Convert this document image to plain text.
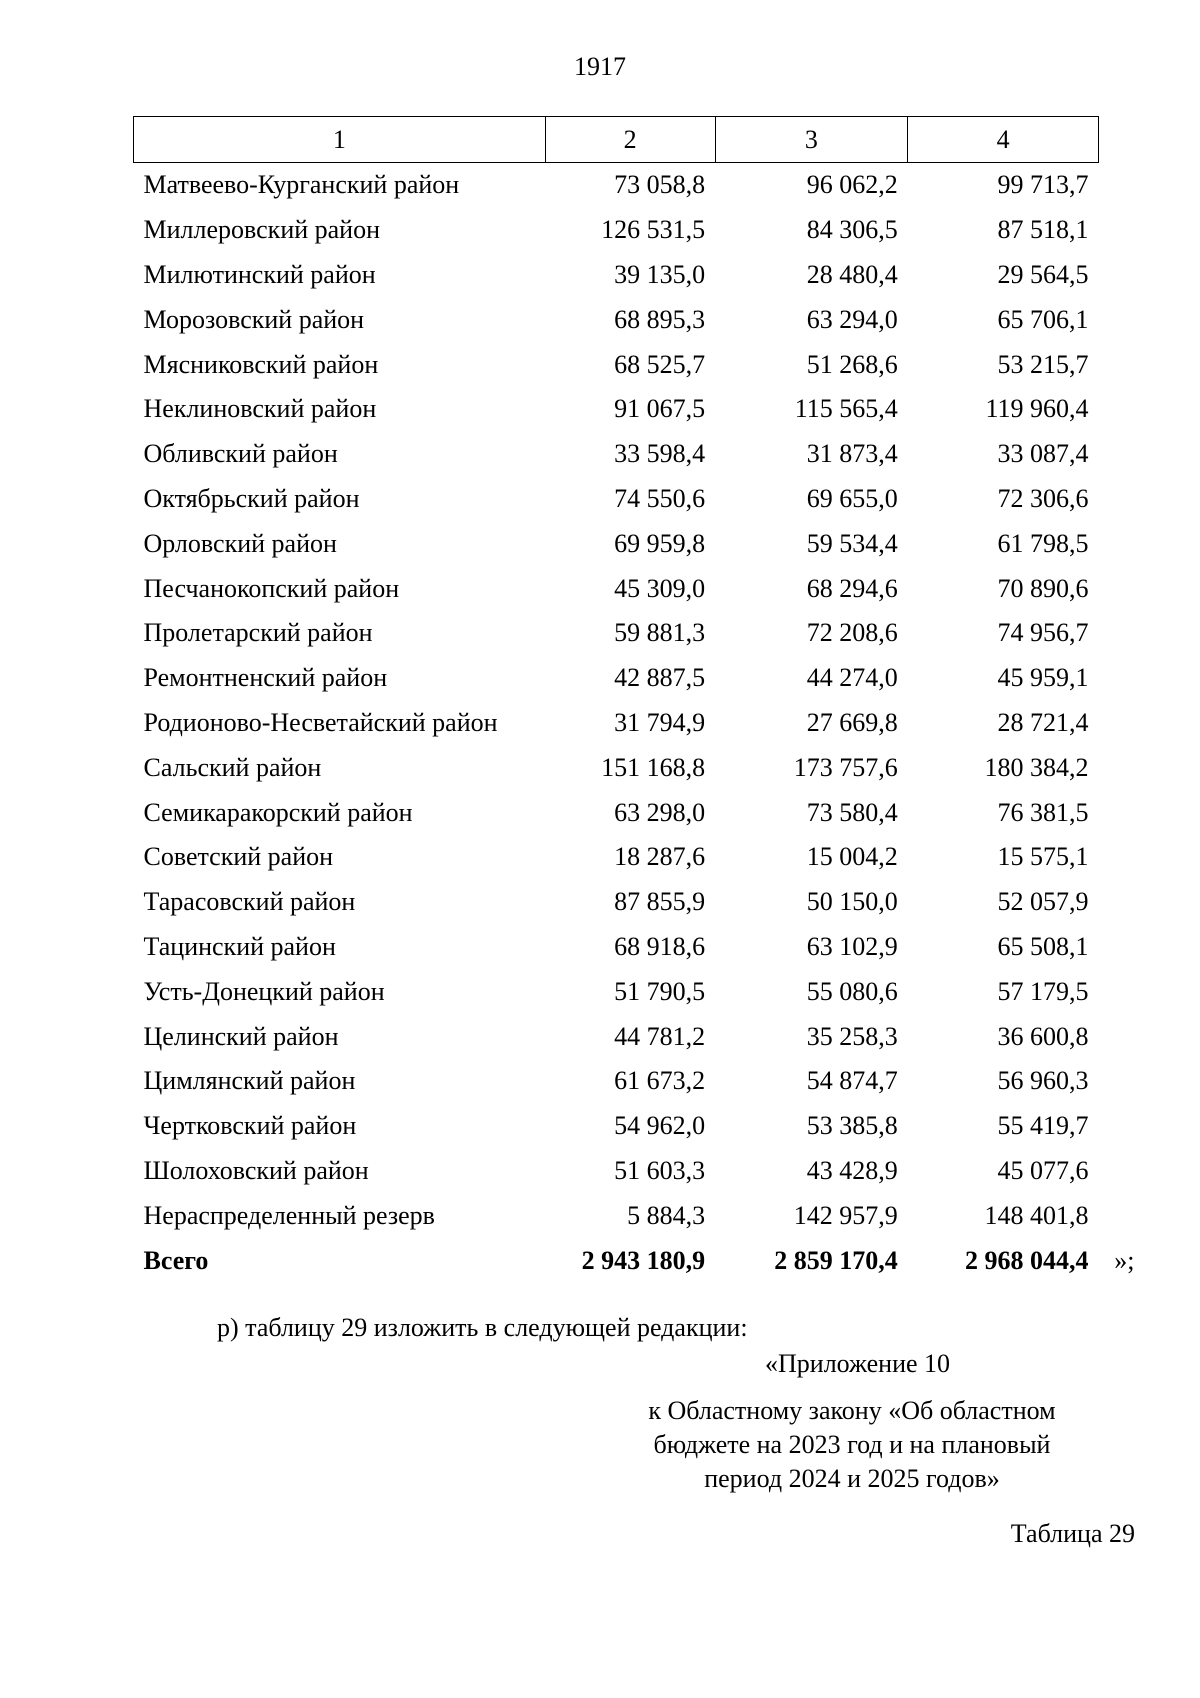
1917
1	2	3	4
Матвеево-Курганский район	73 058,8	96 062,2	99 713,7
Миллеровский район	126 531,5	84 306,5	87 518,1
Милютинский район	39 135,0	28 480,4	29 564,5
Морозовский район	68 895,3	63 294,0	65 706,1
Мясниковский район	68 525,7	51 268,6	53 215,7
Неклиновский район	91 067,5	115 565,4	119 960,4
Обливский район	33 598,4	31 873,4	33 087,4
Октябрьский район	74 550,6	69 655,0	72 306,6
Орловский район	69 959,8	59 534,4	61 798,5
Песчанокопский район	45 309,0	68 294,6	70 890,6
Пролетарский район	59 881,3	72 208,6	74 956,7
Ремонтненский район	42 887,5	44 274,0	45 959,1
Родионово-Несветайский район	31 794,9	27 669,8	28 721,4
Сальский район	151 168,8	173 757,6	180 384,2
Семикаракорский район	63 298,0	73 580,4	76 381,5
Советский район	18 287,6	15 004,2	15 575,1
Тарасовский район	87 855,9	50 150,0	52 057,9
Тацинский район	68 918,6	63 102,9	65 508,1
Усть-Донецкий район	51 790,5	55 080,6	57 179,5
Целинский район	44 781,2	35 258,3	36 600,8
Цимлянский район	61 673,2	54 874,7	56 960,3
Чертковский район	54 962,0	53 385,8	55 419,7
Шолоховский район	51 603,3	43 428,9	45 077,6
Нераспределенный резерв	5 884,3	142 957,9	148 401,8
Всего	2 943 180,9	2 859 170,4	2 968 044,4 »;
р) таблицу 29 изложить в следующей редакции:
«Приложение 10
к Областному закону «Об областном
бюджете на 2023 год и на плановый
период 2024 и 2025 годов»
Таблица 29
